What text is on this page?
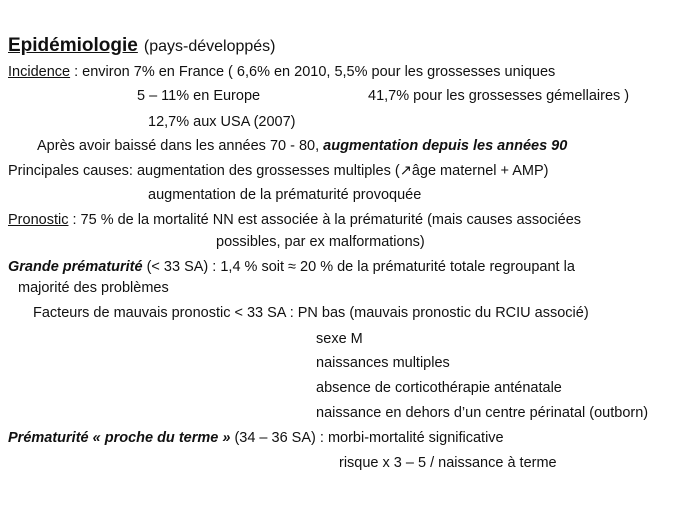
Epidémiologie (pays-développés)
Incidence : environ 7% en France ( 6,6% en 2010, 5,5% pour les grossesses uniques
5 – 11% en Europe	41,7% pour les grossesses gémellaires )
12,7% aux USA (2007)
Après avoir baissé dans les années 70 - 80, augmentation depuis les années 90
Principales causes: augmentation des grossesses multiples (↗âge maternel + AMP)
augmentation de la prématurité provoquée
Pronostic : 75 % de la mortalité NN est associée à la prématurité (mais causes associées
possibles, par ex malformations)
Grande prématurité (< 33 SA) : 1,4 % soit ≈ 20 % de la prématurité totale regroupant la
majorité des problèmes
Facteurs de mauvais pronostic < 33 SA : PN bas (mauvais pronostic du RCIU associé)
sexe M
naissances multiples
absence de corticothérapie anténatale
naissance en dehors d’un centre périnatal (outborn)
Prématurité « proche du terme » (34 – 36 SA) : morbi-mortalité significative
risque x 3 – 5 / naissance à terme
